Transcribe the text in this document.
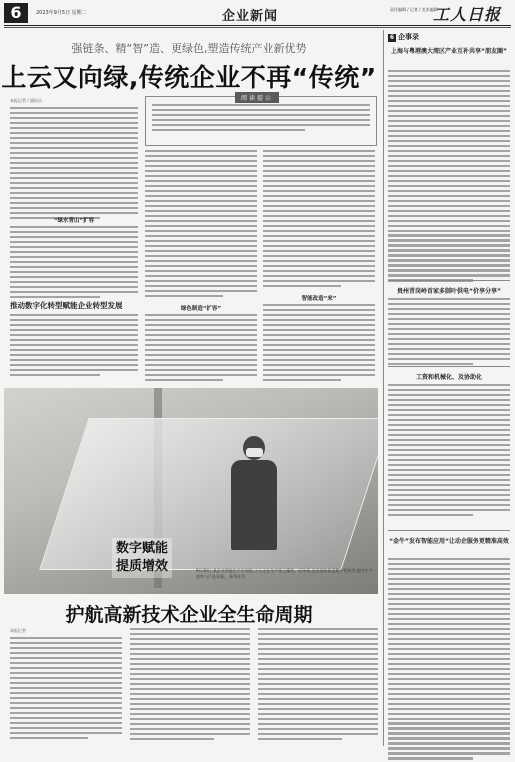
6	2023年9月5日 星期二	企业新闻	责任编辑 / 记者 / 美术编辑
工人日报
强链条、精“智”造、更绿色,塑造传统产业新优势
上云又向绿,传统企业不再“传统”
本报记者 / 通讯员
“绿水青山”扩容
阅读提示
绿色制造“扩容”
智能改造“来”
推动数字化转型赋能企业转型发展
数字赋能
提质增效	9月30日,某企业智能生产车间里,工人正在生产线上操作。近年来,企业加快推进数字化转型,提升生产效率与产品质量。 新华社发
护航高新技术企业全生命周期
本报记者
6 企事录
上海与粤港澳大湾区产业互补共享“朋友圈”
贵州青岗岭首家多制叶供电“价享分享”
工资和机械化、及协助化
“金牛”发布智能应用“让动企服务更精准高效
